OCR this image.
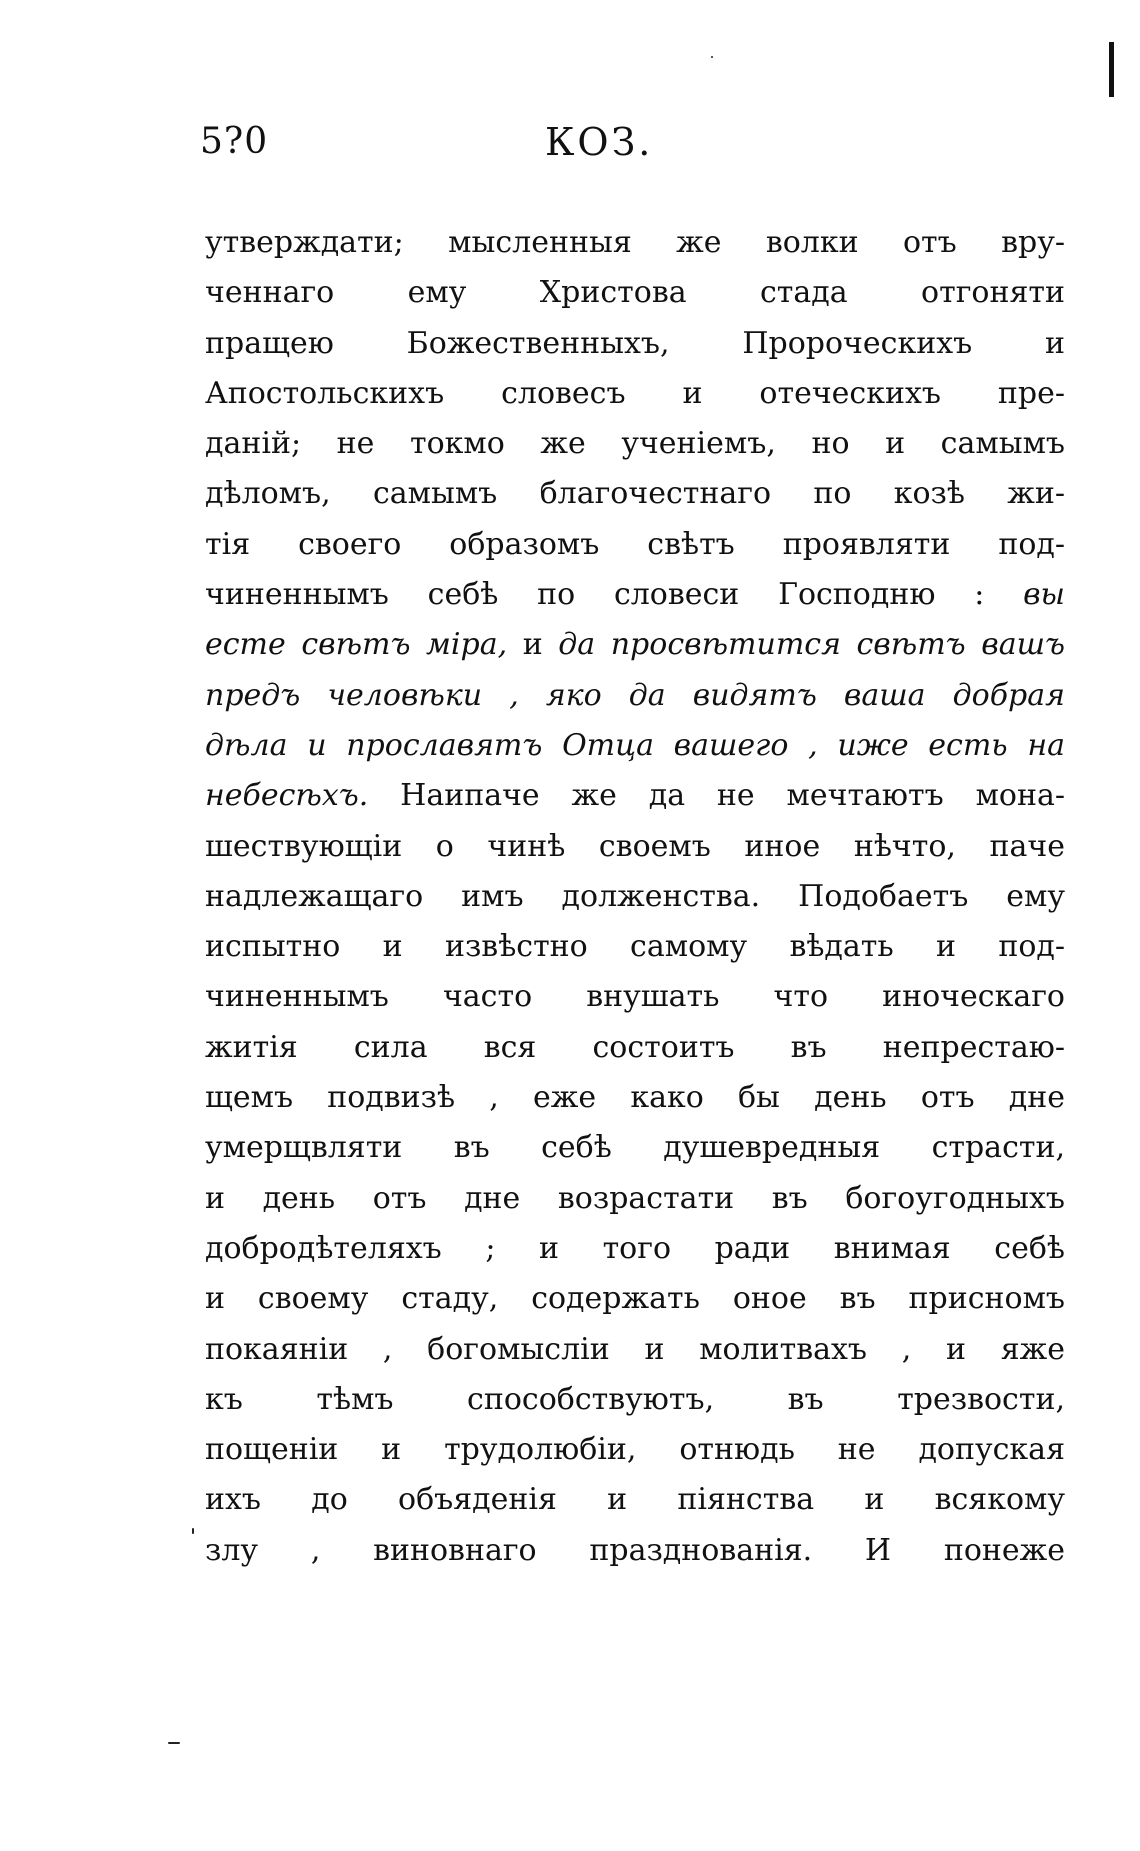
5?0	КОЗ.
утверждати; мысленныя же волки отъ вру-
ченнаго ему Христова стада отгоняти
пращею Божественныхъ, Пророческихъ и
Апостольскихъ словесъ и отеческихъ пре-
даній; не токмо же ученіемъ, но и самымъ
дѣломъ, самымъ благочестнаго по козѣ жи-
тія своего образомъ свѣтъ проявляти под-
чиненнымъ себѣ по словеси Господню : вы
есте свѣтъ міра, и да просвѣтится свѣтъ вашъ
предъ человѣки , яко да видятъ ваша добрая
дѣла и прославятъ Отца вашего , иже есть на
небесѣхъ. Наипаче же да не мечтаютъ мона-
шествующіи о чинѣ своемъ иное нѣчто, паче
надлежащаго имъ долженства. Подобаетъ ему
испытно и извѣстно самому вѣдать и под-
чиненнымъ часто внушать что иноческаго
житія сила вся состоитъ въ непрестаю-
щемъ подвизѣ , еже како бы день отъ дне
умерщвляти въ себѣ душевредныя страсти,
и день отъ дне возрастати въ богоугодныхъ
добродѣтеляхъ ; и того ради внимая себѣ
и своему стаду, содержать оное въ присномъ
покаяніи , богомысліи и молитвахъ , и яже
къ тѣмъ способствуютъ, въ трезвости,
пощеніи и трудолюбіи, отнюдь не допуская
ихъ до объяденія и піянства и всякому
злу , виновнаго празднованія. И понеже
